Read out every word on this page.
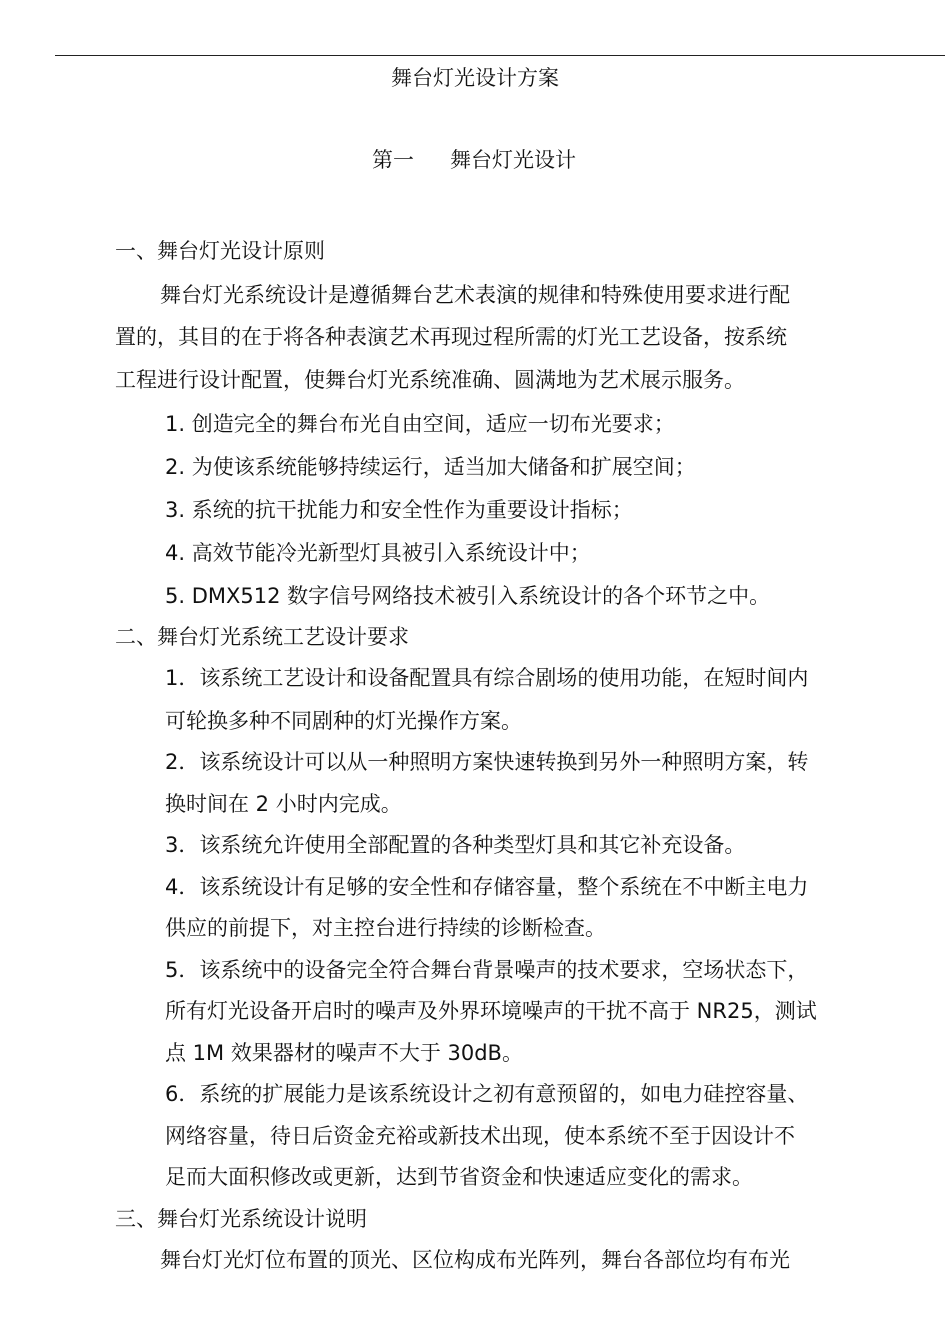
舞台灯光设计方案
第一 舞台灯光设计
一、舞台灯光设计原则
舞台灯光系统设计是遵循舞台艺术表演的规律和特殊使用要求进行配
置的，其目的在于将各种表演艺术再现过程所需的灯光工艺设备，按系统
工程进行设计配置，使舞台灯光系统准确、圆满地为艺术展示服务。
1. 创造完全的舞台布光自由空间，适应一切布光要求；
2. 为使该系统能够持续运行，适当加大储备和扩展空间；
3. 系统的抗干扰能力和安全性作为重要设计指标；
4. 高效节能冷光新型灯具被引入系统设计中；
5. DMX512 数字信号网络技术被引入系统设计的各个环节之中。
二、舞台灯光系统工艺设计要求
1．该系统工艺设计和设备配置具有综合剧场的使用功能，在短时间内
可轮换多种不同剧种的灯光操作方案。
2．该系统设计可以从一种照明方案快速转换到另外一种照明方案，转
换时间在 2 小时内完成。
3．该系统允许使用全部配置的各种类型灯具和其它补充设备。
4．该系统设计有足够的安全性和存储容量，整个系统在不中断主电力
供应的前提下，对主控台进行持续的诊断检查。
5．该系统中的设备完全符合舞台背景噪声的技术要求，空场状态下，
所有灯光设备开启时的噪声及外界环境噪声的干扰不高于 NR25，测试
点 1M 效果器材的噪声不大于 30dB。
6．系统的扩展能力是该系统设计之初有意预留的，如电力硅控容量、
网络容量，待日后资金充裕或新技术出现，使本系统不至于因设计不
足而大面积修改或更新，达到节省资金和快速适应变化的需求。
三、舞台灯光系统设计说明
舞台灯光灯位布置的顶光、区位构成布光阵列，舞台各部位均有布光
